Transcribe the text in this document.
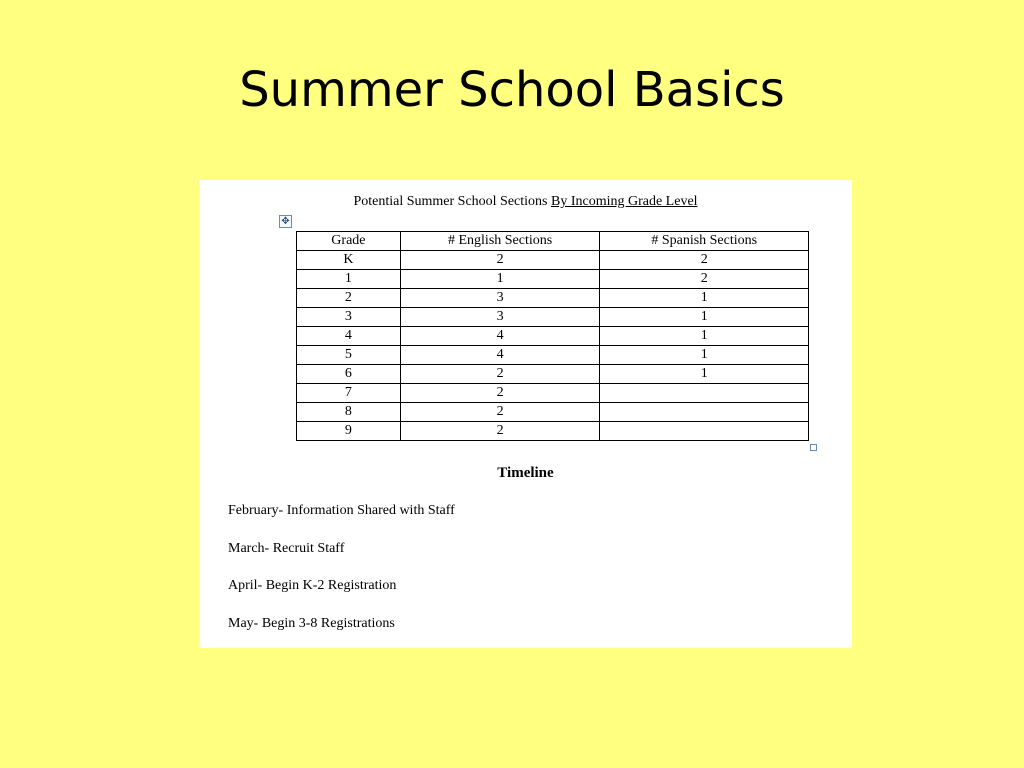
Summer School Basics
Potential Summer School Sections By Incoming Grade Level
✥
Grade	# English Sections	# Spanish Sections
K	2	2
1	1	2
2	3	1
3	3	1
4	4	1
5	4	1
6	2	1
7	2	
8	2	
9	2	
Timeline
February- Information Shared with Staff
March- Recruit Staff
April- Begin K-2 Registration
May- Begin 3-8 Registrations
